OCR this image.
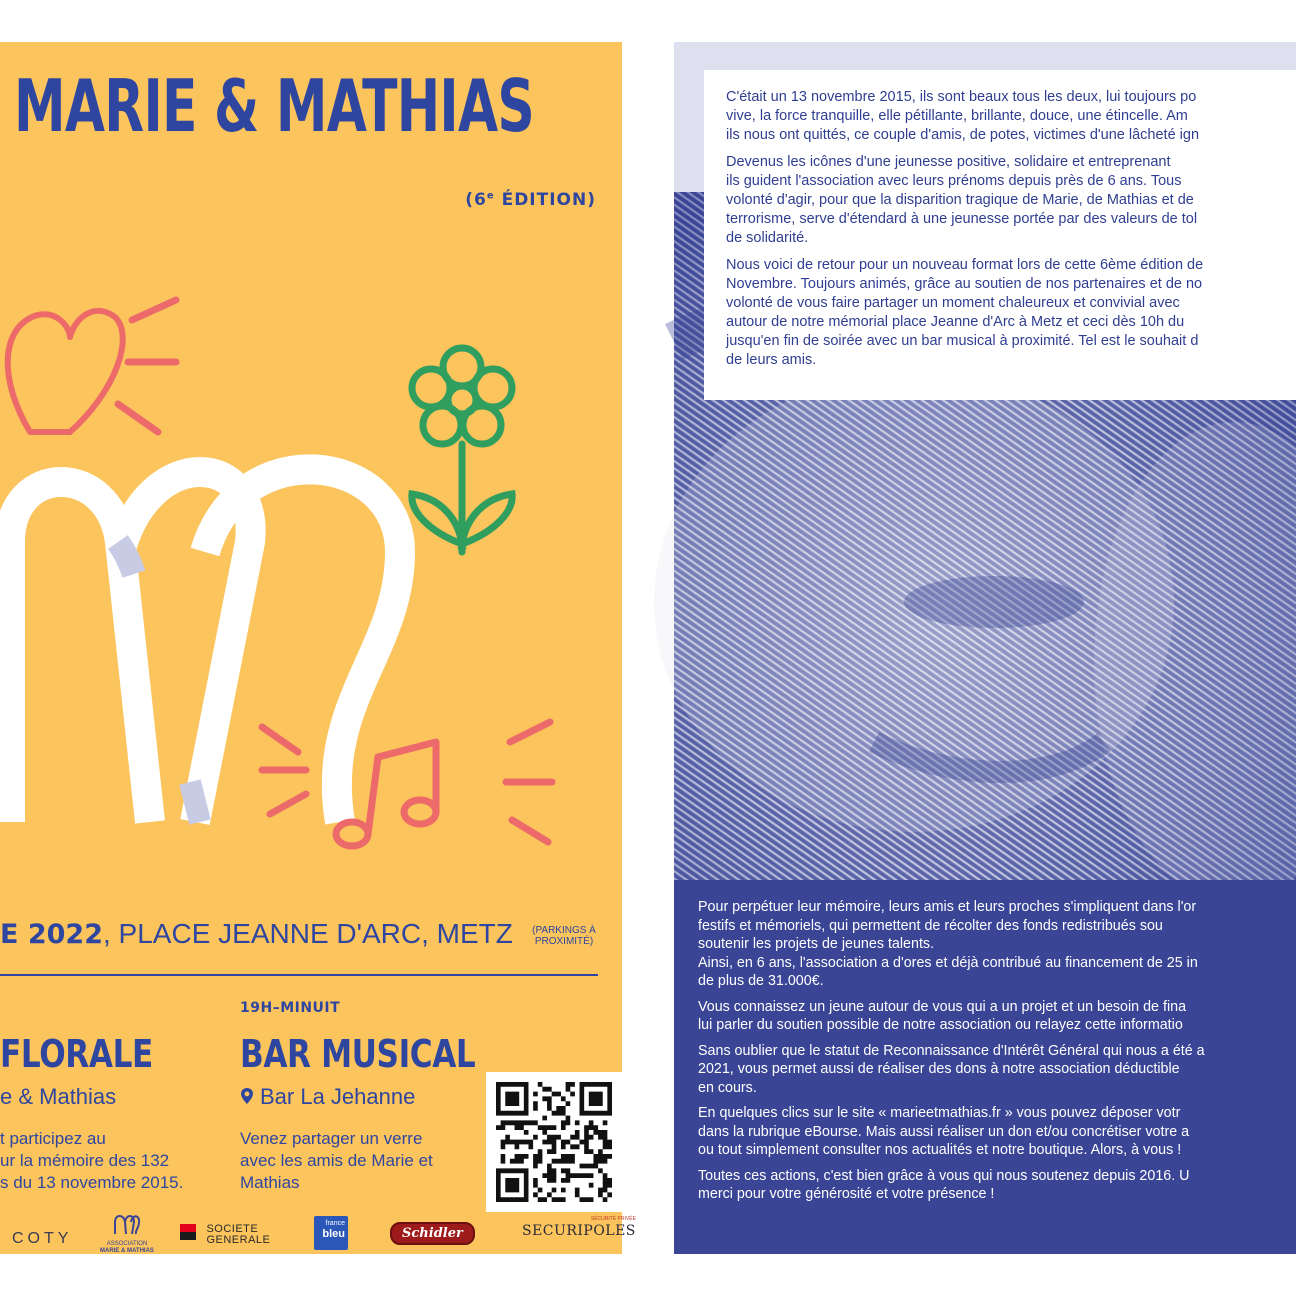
MARIE & MATHIAS
(6e ÉDITION)
E 2022, PLACE JEANNE D'ARC, METZ	(PARKINGS À
PROXIMITÉ)
FLORALE
e & Mathias
t participez au
ur la mémoire des 132
s du 13 novembre 2015.
19H–MINUIT
BAR MUSICAL
Bar La Jehanne
Venez partager un verre
avec les amis de Marie et
Mathias
COTY	ASSOCIATION
MARIE & MATHIAS
SOCIETE
GENERALE
france
bleu	Schidler
SÉCURITÉ PRIVÉE
SECURIPOLES

C'était un 13 novembre 2015, ils sont beaux tous les deux, lui toujours po
vive, la force tranquille, elle pétillante, brillante, douce, une étincelle. Am
ils nous ont quittés, ce couple d'amis, de potes, victimes d'une lâcheté ign

Devenus les icônes d'une jeunesse positive, solidaire et entreprenant
ils guident l'association avec leurs prénoms depuis près de 6 ans. Tous
volonté d'agir, pour que la disparition tragique de Marie, de Mathias et de
terrorisme, serve d'étendard à une jeunesse portée par des valeurs de tol
de solidarité.

Nous voici de retour pour un nouveau format lors de cette 6ème édition de
Novembre. Toujours animés, grâce au soutien de nos partenaires et de no
volonté de vous faire partager un moment chaleureux et convivial avec
autour de notre mémorial place Jeanne d'Arc à Metz et ceci dès 10h du
jusqu'en fin de soirée avec un bar musical à proximité. Tel est le souhait d
de leurs amis.

Pour perpétuer leur mémoire, leurs amis et leurs proches s'impliquent dans l'or
festifs et mémoriels, qui permettent de récolter des fonds redistribués sou
soutenir les projets de jeunes talents.
Ainsi, en 6 ans, l'association a d'ores et déjà contribué au financement de 25 in
de plus de 31.000€.

Vous connaissez un jeune autour de vous qui a un projet et un besoin de fina
lui parler du soutien possible de notre association ou relayez cette informatio

Sans oublier que le statut de Reconnaissance d'Intérêt Général qui nous a été a
2021, vous permet aussi de réaliser des dons à notre association déductible
en cours.

En quelques clics sur le site « marieetmathias.fr » vous pouvez déposer votr
dans la rubrique eBourse. Mais aussi réaliser un don et/ou concrétiser votre a
ou tout simplement consulter nos actualités et notre boutique. Alors, à vous !

Toutes ces actions, c'est bien grâce à vous qui nous soutenez depuis 2016. U
merci pour votre générosité et votre présence !
